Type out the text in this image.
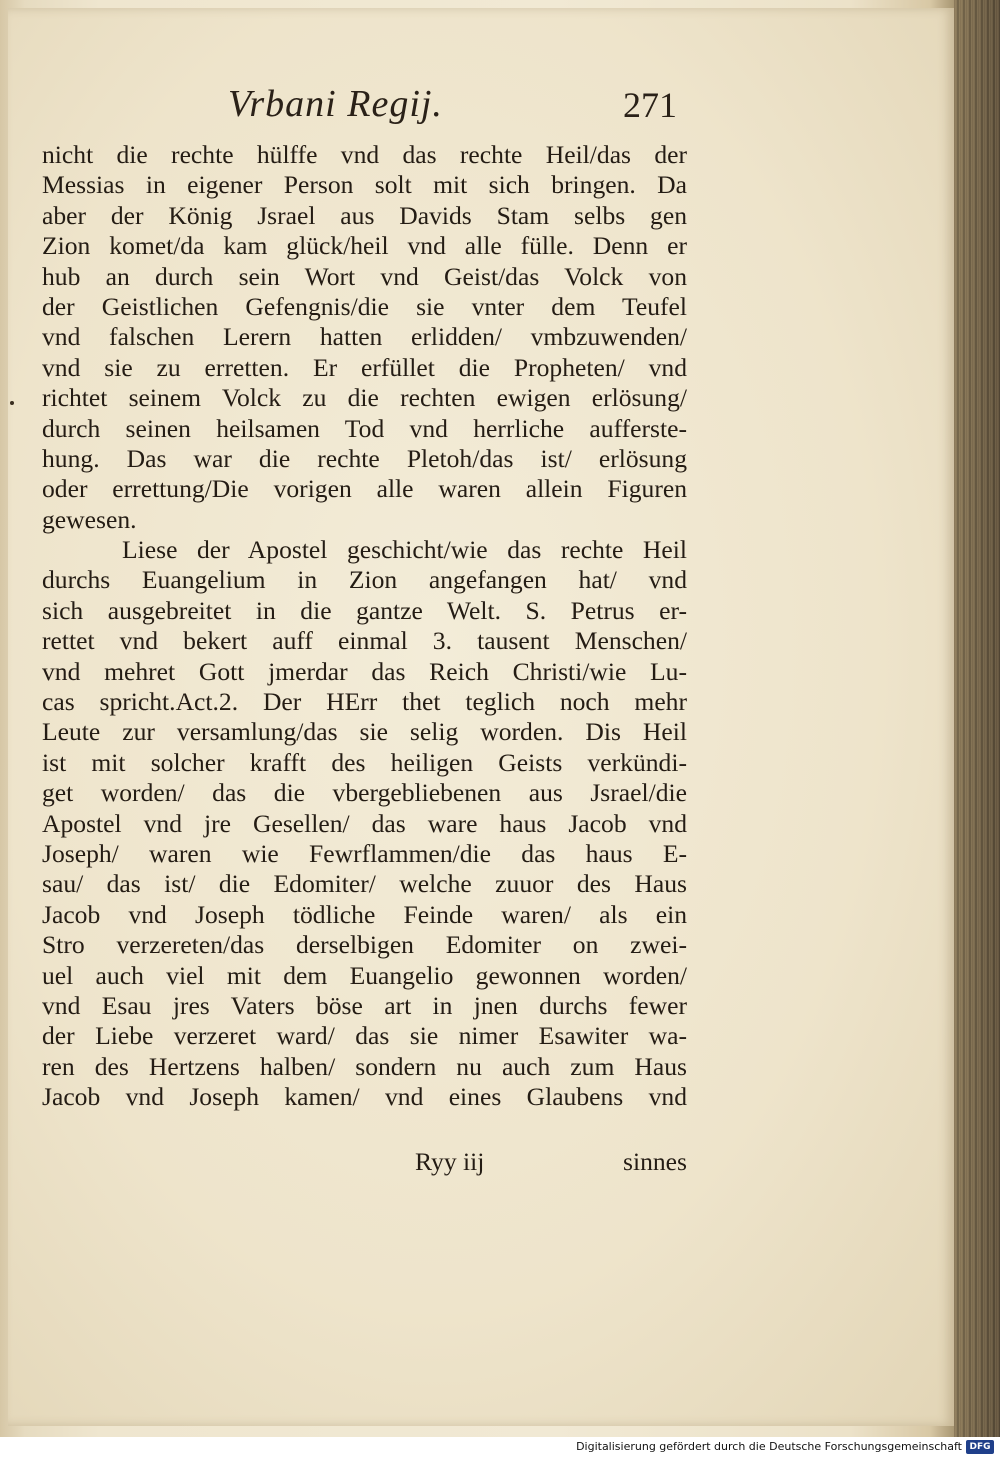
Vrbani Regij.	271
nicht die rechte hülffe vnd das rechte Heil/das der
Messias in eigener Person solt mit sich bringen. Da
aber der König Jsrael aus Davids Stam selbs gen
Zion komet/da kam glück/heil vnd alle fülle. Denn er
hub an durch sein Wort vnd Geist/das Volck von
der Geistlichen Gefengnis/die sie vnter dem Teufel
vnd falschen Lerern hatten erlidden/ vmbzuwenden/
vnd sie zu erretten. Er erfüllet die Propheten/ vnd
richtet seinem Volck zu die rechten ewigen erlösung/
durch seinen heilsamen Tod vnd herrliche aufferste-
hung. Das war die rechte Pletoh/das ist/ erlösung
oder errettung/Die vorigen alle waren allein Figuren
gewesen.
Liese der Apostel geschicht/wie das rechte Heil
durchs Euangelium in Zion angefangen hat/ vnd
sich ausgebreitet in die gantze Welt. S. Petrus er-
rettet vnd bekert auff einmal 3. tausent Menschen/
vnd mehret Gott jmerdar das Reich Christi/wie Lu-
cas spricht.Act.2. Der HErr thet teglich noch mehr
Leute zur versamlung/das sie selig worden. Dis Heil
ist mit solcher krafft des heiligen Geists verkündi-
get worden/ das die vbergebliebenen aus Jsrael/die
Apostel vnd jre Gesellen/ das ware haus Jacob vnd
Joseph/ waren wie Fewrflammen/die das haus E-
sau/ das ist/ die Edomiter/ welche zuuor des Haus
Jacob vnd Joseph tödliche Feinde waren/ als ein
Stro verzereten/das derselbigen Edomiter on zwei-
uel auch viel mit dem Euangelio gewonnen worden/
vnd Esau jres Vaters böse art in jnen durchs fewer
der Liebe verzeret ward/ das sie nimer Esawiter wa-
ren des Hertzens halben/ sondern nu auch zum Haus
Jacob vnd Joseph kamen/ vnd eines Glaubens vnd
Ryy iij	sinnes
Digitalisierung gefördert durch die Deutsche Forschungsgemeinschaft DFG
